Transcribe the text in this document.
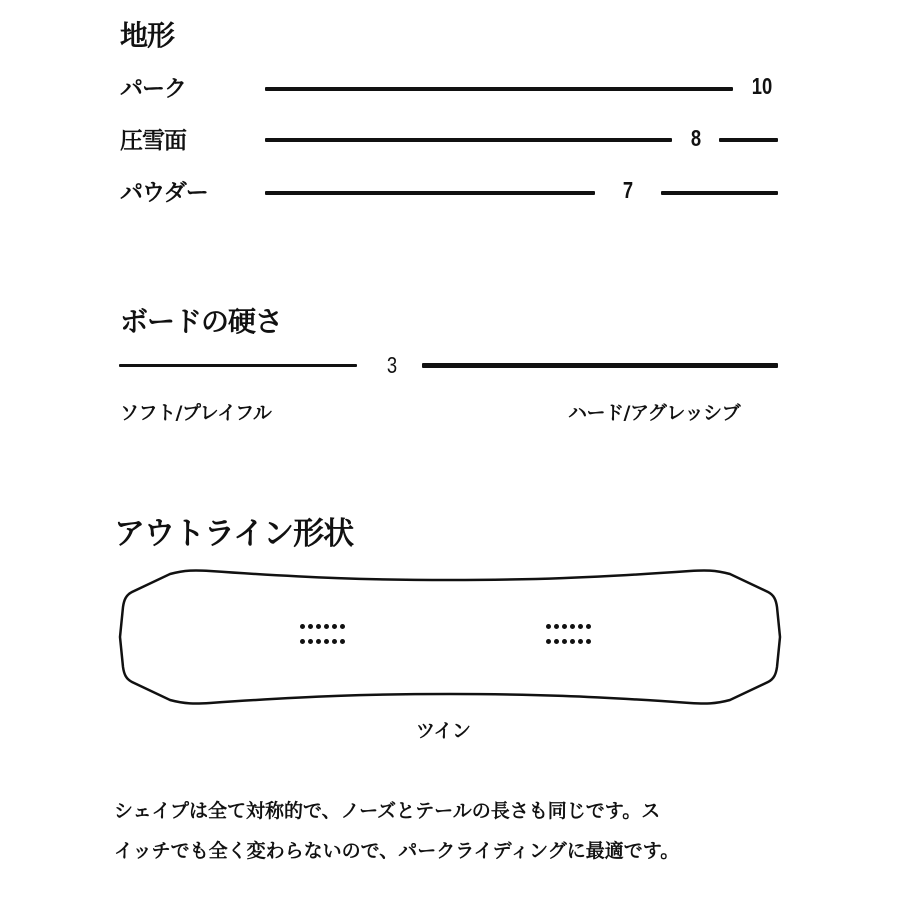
地形
パーク	10
圧雪面	8
パウダー	7
ボードの硬さ
3
ソフト/プレイフル	ハード/アグレッシブ
アウトライン形状
ツイン
シェイプは全て対称的で、ノーズとテールの長さも同じです。ス
イッチでも全く変わらないので、パークライディングに最適です。
